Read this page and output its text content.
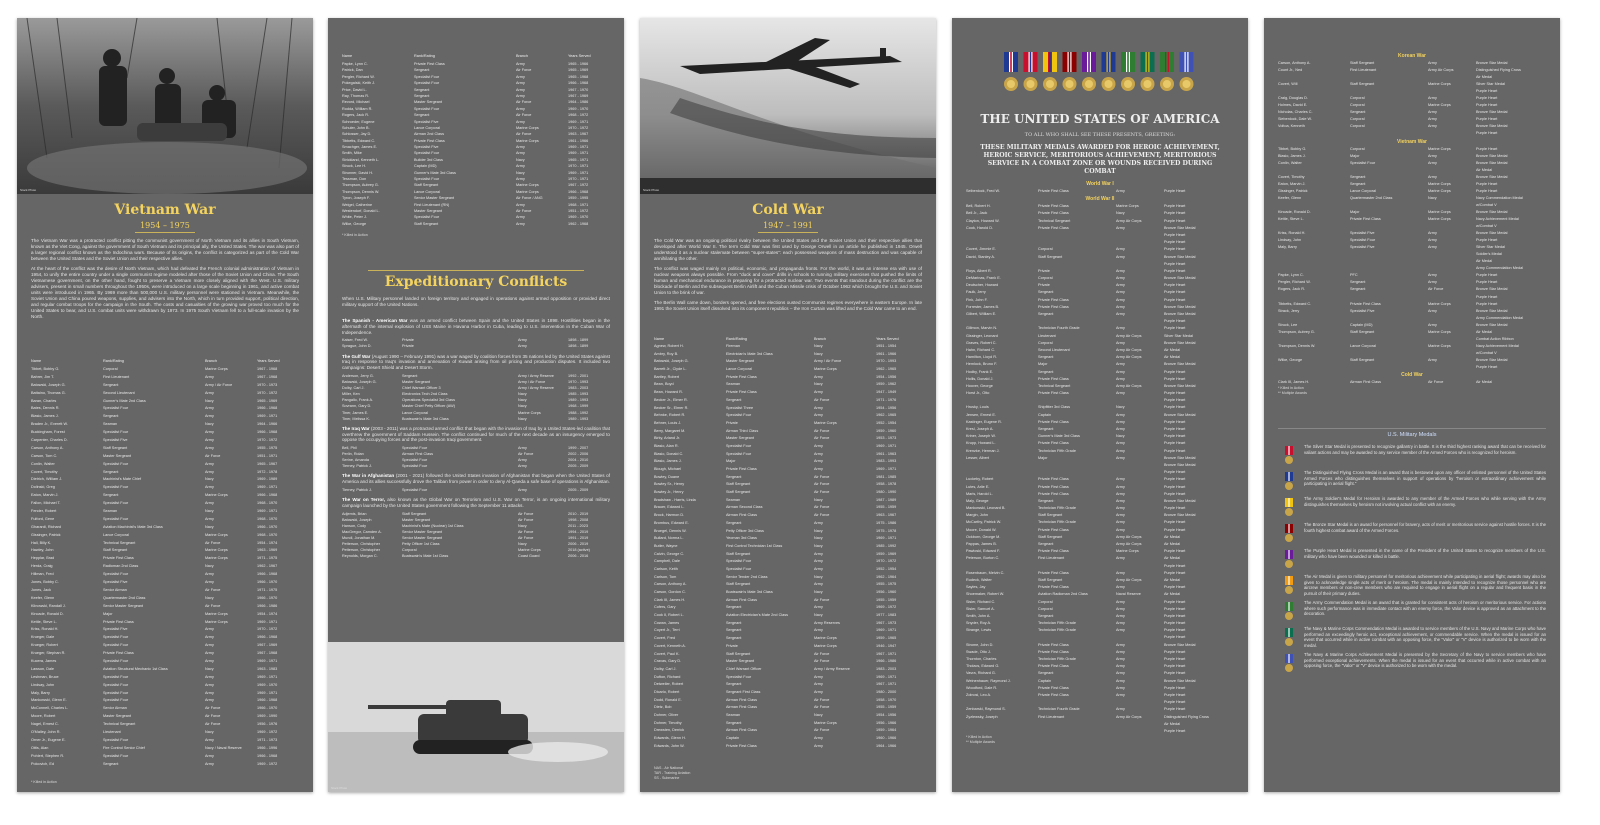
Stock Photo
Vietnam War
1954 – 1975

The Vietnam War was a protracted conflict pitting the communist government of North Vietnam and its allies in South Vietnam, known as the Viet Cong, against the government of South Vietnam and its principal ally, the United States. The war was also part of a larger regional conflict known as the Indochina wars. Because of its origins, the conflict is categorized as part of the Cold War between the United States and the Soviet Union and their respective allies.

At the heart of the conflict was the desire of North Vietnam, which had defeated the French colonial administration of Vietnam in 1954, to unify the entire country under a single communist regime modeled after those of the Soviet Union and China. The South Vietnamese government, on the other hand, fought to preserve a Vietnam more closely aligned with the West. U.S. military advisers, present in small numbers throughout the 1950s, were introduced on a large scale beginning in 1961, and active combat units were introduced in 1965. By 1969 more than 500,000 U.S. military personnel were stationed in Vietnam. Meanwhile, the Soviet Union and China poured weapons, supplies, and advisers into the North, which in turn provided support, political direction, and regular combat troops for the campaign in the South. The costs and casualties of the growing war proved too much for the United States to bear, and U.S. combat units were withdrawn by 1973. In 1975 South Vietnam fell to a full-scale invasion by the North.

Name	Rank/Rating	Branch	Years Served
Tibbet, Bobby G.	Corporal	Marine Corps	1967 - 1968
Bahrer, Jim T.	First Lieutenant	Army	1967 - 1968
Batowski, Joseph G.	Sergeant	Army / Air Force	1970 - 1973
Battaino, Thomas G.	Second Lieutenant	Army	1970 - 1972
Baran, Charles	Gunner's Mate 2nd Class	Navy	1965 - 1969
Bates, Dennis R.	Specialist Four	Army	1966 - 1968
Blasio, James J.	Sergeant	Army	1969 - 1971
Braden Jr., Everett W.	Seaman	Navy	1964 - 1966
Buckingham, Forest	Specialist Four	Army	1966 - 1968
Carpenter, Charles D.	Specialist Five	Army	1970 - 1972
Carson, Anthony A.	Staff Sergeant	Army	1955 - 1975
Carson, Tom C.	Master Sergeant	Air Force	1951 - 1971
Conlin, Walter	Specialist Four	Army	1965 - 1967
Covert, Timothy	Sergeant	Army	1972 - 1978
Dietrich, William J.	Machinist's Mate Chief	Navy	1969 - 1989
Dolinski, Greg	Specialist Four	Army	1969 - 1971
Eaton, Marvin J.	Sergeant	Marine Corps	1966 - 1968
Fallon, Michael T.	Specialist Four	Army	1968 - 1970
Fender, Robert	Seaman	Navy	1969 - 1971
Fulford, Gene	Specialist Four	Army	1968 - 1970
Gharardi, Richard	Aviation Machinist's Mate 3rd Class	Navy	1966 - 1970
Gissinger, Patrick	Lance Corporal	Marine Corps	1968 - 1970
Hall, Billy K.	Technical Sergeant	Air Force	1954 - 1974
Hawley, John	Staff Sergeant	Marine Corps	1963 - 1969
Hepplar, Brad	Private First Class	Marine Corps	1971 - 1975
Herda, Craig	Radioman 2nd Class	Navy	1962 - 1967
Hillman, Fred	Specialist Four	Army	1966 - 1968
Jones, Bobby C.	Specialist Five	Army	1966 - 1970
Jones, Jack	Senior Airman	Air Force	1971 - 1975
Keefer, Glenn	Quartermaster 2nd Class	Navy	1966 - 1970
Klinowski, Randall J.	Senior Master Sergeant	Air Force	1966 - 1986
Kincade, Ronald D.	Major	Marine Corps	1954 - 1974
Kettle, Steve L.	Private First Class	Marine Corps	1969 - 1971
Kriss, Ronald H.	Specialist Five	Army	1970 - 1972
Krueger, Dale	Specialist Four	Army	1966 - 1968
Krueger, Robert	Specialist Four	Army	1967 - 1969
Krueger, Stephan R.	Private First Class	Army	1967 - 1968
Kucera, James	Specialist Four	Army	1969 - 1971
Lawson, Dale	Aviation Structural Mechanic 1st Class	Navy	1963 - 1983
Leshman, Bruce	Specialist Four	Army	1969 - 1971
Lindsay, John	Specialist Four	Army	1969 - 1970
Maly, Barry	Specialist Four	Army	1969 - 1971
Mankowski, Glenn E.	Specialist Four	Army	1966 - 1968
McConnell, Charles L.	Senior Airman	Air Force	1966 - 1970
Moore, Robert	Master Sergeant	Air Force	1969 - 1990
Nagel, Ernest C.	Technical Sergeant	Air Force	1956 - 1976
O'Malley, John R.	Lieutenant	Navy	1969 - 1972
Orner Jr., Eugene E.	Specialist Four	Army	1971 - 1973
Ottis, Alan	Fire Control Senior Chief	Navy / Naval Reserve	1966 - 1996
Pohlert, Stephen R.	Specialist Four	Army	1966 - 1968
Polcovich, Ed	Sergeant	Army	1969 - 1972
* Killed in Action
Name	Rank/Rating	Branch	Years Served
Papke, Lynn C.	Private First Class	Army	1965 - 1966
Patrick, Dan	Sergeant	Air Force	1965 - 1969
Pergler, Richard W.	Specialist Four	Army	1965 - 1968
Pokegalski, Keith J.	Specialist Four	Army	1966 - 1968
Price, David L.	Sergeant	Army	1967 - 1970
Ray, Thomas R.	Sergeant	Army	1967 - 1969
Revord, Michael	Master Sergeant	Air Force	1964 - 1986
Rodda, William R.	Specialist Four	Army	1969 - 1970
Rogers, Jack R.	Sergeant	Air Force	1968 - 1972
Schroeder, Eugene	Specialist Five	Army	1969 - 1971
Schuler, John B.	Lance Corporal	Marine Corps	1970 - 1972
Schlosser, Jay D.	Airman 2nd Class	Air Force	1963 - 1967
Tibbetts, Edward C.	Private First Class	Marine Corps	1961 - 1966
Smachger, James E.	Specialist Five	Army	1969 - 1971
Smith, Mike	Specialist Four	Army	1969 - 1971
Strickland, Kenneth L.	Builder 3rd Class	Navy	1965 - 1971
Struck, Lee H.	Captain (MD)	Army	1970 - 1971
Strunner, David H.	Gunner's Mate 3rd Class	Navy	1969 - 1971
Tessman, Don	Specialist Four	Army	1970 - 1971
Thompson, Aubrey G.	Staff Sergeant	Marine Corps	1967 - 1972
Thompson, Dennis W.	Lance Corporal	Marine Corps	1966 - 1968
Tyron, Joseph F.	Senior Master Sergeant	Air Force / ANG	1959 - 1995
Weigel, Catherine	First Lieutenant (RN)	Army	1968 - 1971
Westendorf, Donald L.	Master Sergeant	Air Force	1951 - 1972
White, Peter J.	Specialist Four	Army	1969 - 1970
Wilke, George	Staff Sergeant	Army	1962 - 1968
* Killed in Action
Expeditionary Conflicts
When U.S. Military personnel landed on foreign territory and engaged in operations against armed opposition or provided direct military support of the United Nations.
The Spanish - American War was an armed conflict between Spain and the United States in 1898. Hostilities began in the aftermath of the internal explosion of USS Maine in Havana Harbor in Cuba, leading to U.S. intervention in the Cuban War of Independence.
Kaiser, Fred W.	Private	Army	1898 - 1899
Sprague, John D.	Private	Army	1898 - 1899
The Gulf War (August 1990 – February 1991) was a war waged by coalition forces from 35 nations led by the United States against Iraq in response to Iraq's invasion and annexation of Kuwait arising from oil pricing and production disputes. It included two campaigns: Desert Shield and Desert Storm.
Anderson, Jerry G.	Sergeant	Army / Army Reserve	1992 - 2001
Batowski, Joseph G.	Master Sergeant	Army / Air Force	1970 - 1993
Dolby, Carl J.	Chief Warrant Officer 3	Army / Army Reserve	1983 - 2003
Miller, Ken	Electronics Tech 2nd Class	Navy	1985 - 1993
Pangallo, Frank A.	Operations Specialist 3rd Class	Navy	1989 - 1993
Sovrann, Gary D.	Master Chief Petty Officer (AW)	Navy	1968 - 1999
Tiner, James E.	Lance Corporal	Marine Corps	1988 - 1992
Tiner, Melissa K.	Boatswain's Mate 3rd Class	Navy	1989 - 1993
The Iraq War (2003 - 2011) was a protracted armed conflict that began with the invasion of Iraq by a United States-led coalition that overthrew the government of Saddam Hussein. The conflict continued for much of the next decade as an insurgency emerged to oppose the occupying forces and the post-invasion Iraqi government.
Bell, Phil	Specialist Four	Army	1999 - 2007
Perlin, Rolan	Airman First Class	Air Force	2002 - 2006
Serine, Amanda	Specialist Four	Army	2004 - 2010
Tierney, Patrick J.	Specialist Four	Army	2005 - 2009
The War in Afghanistan (2001 - 2021) followed the United States invasion of Afghanistan that began when the United States of America and its allies successfully drove the Taliban from power in order to deny Al-Qaeda a safe base of operations in Afghanistan.
Tierney, Patrick J.	Specialist Four	Army	2005 - 2009
The War on Terror, also known as the Global War on Terrorism and U.S. War on Terror, is an ongoing international military campaign launched by the United States government following the September 11 attacks.
Adjemis, Brian	Staff Sergeant	Air Force	2010 - 2019
Batowski, Joseph	Master Sergeant	Air Force	1998 - 2008
Hanson, Cody	Machinist's Mate (Nuclear) 1st Class	Navy	2011 - 2023
MacGregor, Camden A.	Senior Master Sergeant	Air Force	1994 - 2019
Mundl, Jonathan M.	Senior Master Sergeant	Air Force	1991 - 2019
Petterson, Christopher	Petty Officer 1st Class	Navy	2006 - 2019
Petterson, Christopher	Corporal	Marine Corps	2018 (active)
Reynolds, Morgan C.	Boatswain's Mate 1st Class	Coast Guard	2006 - 2016
Stock Photo
Stock Photo
Cold War
1947 – 1991

The Cold War was an ongoing political rivalry between the United States and the Soviet Union and their respective allies that developed after World War II. The term Cold War was first used by George Orwell in an article he published in 1945. Orwell understood it as a nuclear stalemate between "super-states": each possessed weapons of mass destruction and was capable of annihilating the other.

The conflict was waged mainly on political, economic, and propaganda fronts. For the world, it was an intense era with use of nuclear weapons always possible. From "duck and cover" drills in schools to running military exercises that pushed the limits of human and mechanical endurance in preparing for a protracted nuclear war. Two events that standout during the conflict are the blockade of Berlin and the subsequent Berlin Airlift and the Cuban Missile crisis of October 1962 which brought the U.S. and Soviet Union to the brink of war.

The Berlin Wall came down, borders opened, and free elections ousted Communist regimes everywhere in eastern Europe. In late 1991 the Soviet Union itself dissolved into its component republics – the Iron Curtain was lifted and the Cold War came to an end.

Name	Rank/Rating	Branch	Years Served
Agnew, Robert H.	Fireman	Navy	1951 - 1954
Ambry, Roy B.	Electrician's Mate 3rd Class	Navy	1961 - 1966
Batowski, Joseph G.	Master Sergeant	Army / Air Force	1970 - 1993
Barrett Jr., Clyde L.	Lance Corporal	Marine Corps	1962 - 1965
Bartley, Robert	Private First Class	Army	1954 - 1956
Bean, Boyd	Seaman	Navy	1959 - 1962
Bean, Howard R.	Private First Class	Army	1947 - 1949
Becker Jr., Elmer R.	Sergeant	Air Force	1971 - 1976
Becker Sr., Elmer R.	Specialist Three	Army	1954 - 1956
Behnke, Robert R.	Specialist Four	Army	1962 - 1965
Behner, Louis J.	Private	Marine Corps	1952 - 1954
Berry, Margaret M.	Airman Third Class	Air Force	1959 - 1960
Birky, Arland Jr.	Master Sergeant	Air Force	1953 - 1973
Blasio, Alan R.	Specialist Four	Army	1969 - 1971
Blasio, Donald C.	Specialist Four	Army	1961 - 1963
Blasio, James J.	Major	Army	1983 - 1993
Blough, Michael	Private First Class	Army	1969 - 1971
Bowley, Duane	Sergeant	Air Force	1981 - 1985
Bowley Sr., Henry	Staff Sergeant	Air Force	1958 - 1978
Bowley Jr., Henry	Staff Sergeant	Air Force	1980 - 1990
Bradshaw - Harris, Linda	Seaman	Navy	1987 - 1989
Brauer, Edward L.	Airman Second Class	Air Force	1955 - 1959
Brock, Harmon D.	Airman First Class	Air Force	1963 - 1967
Brombus, Edward E.	Sergeant	Army	1975 - 1986
Bruegel, Dennis W.	Petty Officer 3rd Class	Navy	1975 - 1978
Bullard, Norma L.	Yeoman 3rd Class	Navy	1969 - 1971
Butler, Wayne	First Control Technician 1st Class	Navy	1985 - 1992
Calvin, George C.	Staff Sergeant	Army	1959 - 1969
Campbell, Dale	Specialist Four	Army	1970 - 1972
Carlson, Keith	Specialist Four	Army	1952 - 1954
Carlson, Tom	Senior Tender 2nd Class	Navy	1962 - 1964
Carson, Anthony A.	Staff Sergeant	Army	1955 - 1975
Carson, Gordon C.	Boatswain's Mate 3rd Class	Navy	1956 - 1960
Clark III, James H.	Airman First Class	Air Force	1955 - 1959
Cofers, Gary	Sergeant	Army	1969 - 1972
Cook II, Robert L.	Aviation Electrician's Mate 2nd Class	Navy	1977 - 1983
Cowan, James	Sergeant	Army Reserves	1967 - 1973
Coyert Jr., Terri	Sergeant	Army	1969 - 1971
Covert, Fred	Sergeant	Marine Corps	1959 - 1965
Covert, Kenneth A.	Private	Marine Corps	1946 - 1947
Covert, Paul K.	Staff Sergeant	Air Force	1967 - 1971
Cravas, Gary D.	Master Sergeant	Air Force	1966 - 1986
Dolby, Carl J.	Chief Warrant Officer	Army / Army Reserve	1983 - 2003
Dufton, Richard	Specialist Four	Army	1969 - 1971
Detweiler, Robert	Sergeant	Army	1967 - 1971
Dicarlo, Robert	Sergeant First Class	Army	1980 - 2000
Dodd, Ronald E.	Airman First Class	Air Force	1958 - 1970
Dietz, Bob	Airman First Class	Air Force	1955 - 1959
Dohner, Oliver	Seaman	Navy	1954 - 1956
Dohner, Timothy	Sergeant	Marine Corps	1956 - 1966
Drewsten, Derrick	Airman First Class	Air Force	1959 - 1964
Edwards, Glenn H.	Captain	Army	1960 - 1966
Edwards, John W.	Private First Class	Army	1964 - 1966
NAS - Air National
TAR - Training Aviation
SS - Submarine
THE UNITED STATES OF AMERICA
TO ALL WHO SHALL SEE THESE PRESENTS, GREETING:
THESE MILITARY MEDALS AWARDED FOR HEROIC ACHIEVEMENT, HEROIC SERVICE, MERITORIOUS ACHIEVEMENT, MERITORIOUS SERVICE IN A COMBAT ZONE OR WOUNDS RECEIVED DURING COMBAT
World War I
Seibenlock, Fred W.	Private First Class	Army	Purple Heart
World War II
Bell, Robert H.	Private First Class	Marine Corps	Purple Heart
Bell Jr., Jack	Private First Class	Navy	Purple Heart
Clayton, Howard W.	Technical Sergeant	Army Air Corps	Purple Heart
Cook, Harold D.	Private First Class	Army	Bronze Star Medal
Purple Heart
Purple Heart
Covert, Jimmie E.	Corporal	Army	Purple Heart
David, Stanley A.	Staff Sergeant	Army	Bronze Star Medal
Purple Heart
Floys, Albert R.	Private	Army	Purple Heart
DeMarinas, Frank E.	Corporal	Army	Bronze Star Medal
Deutscher, Howard	Private	Army	Purple Heart
Faulk, Jerry	Sergeant	Army	Purple Heart
Fink, John F.	Private First Class	Army	Purple Heart
Forrester, James B.	Private First Class	Army	Bronze Star Medal
Gilbert, William E.	Sergeant	Army	Bronze Star Medal
Purple Heart
Gillmon, Marvin N.	Technician Fourth Grade	Army	Purple Heart
Gissinger, Leonard	Lieutenant	Army Air Corps	Silver Star Medal
Graves, Robert C.	Corporal	Army	Bronze Star Medal
Hahn, Richard C.	Second Lieutenant	Army Air Corps	Air Medal
Hamilton, Lloyd R.	Sergeant	Army Air Corps	Air Medal
Hemlock, Bruno F.	Major	Army	Bronze Star Medal
Hodby, Frank E.	Sergeant	Army	Purple Heart
Hollis, Donald J.	Private First Class	Army	Purple Heart
Hoover, George	Technical Sergeant	Army Air Corps	Bronze Star Medal
Horst Jr., Otto	Private First Class	Army	Purple Heart
Purple Heart
Hrusky, Louis	Shipfitter 3rd Class	Navy	Purple Heart
Jensen, Ernest E.	Captain	Army	Bronze Star Medal
Kastinger, Eugene R.	Private First Class	Army	Purple Heart
Kresl, Joseph A.	Sergeant	Army	Purple Heart
Kriner, Joseph W.	Gunner's Mate 3rd Class	Navy	Purple Heart
Krupp, Howard L.	Private First Class	Army	Purple Heart
Krenzke, Herman J.	Technician Fifth Grade	Army	Purple Heart
Lesser, Albert	Major	Army	Bronze Star Medal
Bronze Star Medal
Purple Heart
Luckeby, Robert	Private First Class	Army	Purple Heart
Lutes, Arlie E.	Private First Class	Army	Purple Heart
Maris, Harold L.	Private First Class	Army	Purple Heart
Maly, George	Sergeant	Army	Bronze Star Medal
Mankowski, Leonard B.	Technician Fifth Grade	Army	Purple Heart
Margin, John	Staff Sergeant	Army	Bronze Star Medal
McCarthy, Patrick W.	Technician Fifth Grade	Army	Purple Heart
Moore, Donald W.	Private First Class	Army	Purple Heart
Ockborn, George M.	Staff Sergeant	Army Air Corps	Air Medal
Pappas, James B.	Sergeant	Army Air Corps	Air Medal
Pawloski, Edward F.	Private First Class	Marine Corps	Purple Heart
Peterson, Burton C.	First Lieutenant	Army	Air Medal
Purple Heart
Rosenbaum, Melvin C.	Private First Class	Army	Purple Heart
Rudeck, Walter	Staff Sergeant	Army Air Corps	Air Medal
Sayles, Jay	Private First Class	Army	Purple Heart
Shoemaker, Robert W.	Aviation Radioman 2nd Class	Naval Reserve	Air Medal
Sisler, Richard C.	Corporal	Army	Purple Heart
Sisler, Samuel A.	Corporal	Army	Purple Heart
Smith, John A.	Sergeant	Army	Purple Heart
Snyder, Roy A.	Technician Fifth Grade	Army	Purple Heart
Strange, Lewis	Technician Fifth Grade	Army	Purple Heart
Purple Heart
Strome, John D.	Private First Class	Army	Bronze Star Medal
Swade, Otto J.	Private First Class	Army	Purple Heart
Thornton, Charles	Technician Fifth Grade	Army	Purple Heart
Tholacs, Edward G.	Private First Class	Army	Purple Heart
Vavra, Richard G.	Sergeant	Army	Purple Heart
Weinenhauer, Raymond J.	Captain	Army	Bronze Star Medal
Woodford, Dale R.	Private First Class	Army	Purple Heart
Zolnosi, Leo A.	Private First Class	Army	Purple Heart
Purple Heart
Zenbarski, Raymond S.	Technician Fourth Grade	Army	Purple Heart
Zyzlewsky, Joseph	First Lieutenant	Army Air Corps	Distinguished Flying Cross
Air Medal
Purple Heart
* Killed in Action
** Multiple Awards
Korean War
Carson, Anthony A.	Staff Sergeant	Army	Bronze Star Medal
Count Jr., Ned	First Lieutenant	Army Air Corps	Distinguished Flying Cross
Air Medal
Covert, Will	Staff Sergeant	Marine Corps	Silver Star Medal
Purple Heart
Craig, Douglas D.	Corporal	Army	Purple Heart
Holmes, David E.	Corporal	Marine Corps	Purple Heart
Nicholas, Charles C.	Sergeant	Army	Bronze Star Medal
Siebenlock, Dale W.	Corporal	Army	Purple Heart
Voltoa, Kenneth	Corporal	Army	Bronze Star Medal
Purple Heart
Vietnam War
Tibbet, Bobby G.	Corporal	Marine Corps	Purple Heart
Blasio, James J.	Major	Army	Bronze Star Medal
Conlin, Walter	Specialist Four	Army	Bronze Star Medal
Air Medal
Covert, Timothy	Sergeant	Army	Bronze Star Medal
Eaton, Marvin J.	Sergeant	Marine Corps	Purple Heart
Gissinger, Patrick	Lance Corporal	Marine Corps	Purple Heart
Keefer, Glenn	Quartermaster 2nd Class	Navy	Navy Commendation Medal
w/Combat V
Kincade, Ronald D.	Major	Marine Corps	Bronze Star Medal
Kettle, Steve L.	Private First Class	Marine Corps	Navy Achievement Medal
w/Combat V
Kriss, Ronald H.	Specialist Five	Army	Bronze Star Medal
Lindsay, John	Specialist Four	Army	Purple Heart
Maly, Barry	Specialist Five	Army	Silver Star Medal
Soldier's Medal
Air Medal
Army Commendation Medal
Papke, Lynn C.	PFC	Army	Purple Heart
Pergler, Richard W.	Sergeant	Army	Purple Heart
Rogers, Jack R.	Sergeant	Air Force	Bronze Star Medal
Purple Heart
Tibbetts, Edward C.	Private First Class	Marine Corps	Purple Heart
Strack, Jerry	Specialist Five	Army	Bronze Star Medal
Army Commendation Medal
Struck, Lee	Captain (MD)	Army	Bronze Star Medal
Thompson, Aubrey G.	Staff Sergeant	Marine Corps	Air Medal
Combat Action Ribbon
Thompson, Dennis W.	Lance Corporal	Marine Corps	Navy Achievement Medal
w/Combat V
Wilke, George	Staff Sergeant	Army	Bronze Star Medal
Purple Heart
Cold War
Clark III, James H.	Airman First Class	Air Force	Air Medal
* Killed in Action
** Multiple Awards
U.S. Military Medals
The Silver Star Medal is presented to recognize gallantry in battle. It is the third highest ranking award that can be received for valiant actions and may be awarded to any service member of the Armed Forces who is recognized for heroism.
The Distinguished Flying Cross Medal is an award that is bestowed upon any officer of enlisted personnel of the United States Armed Forces who distinguishes themselves in support of operations by "heroism or extraordinary achievement while participating in aerial flight."
The Army Soldier's Medal for Heroism is awarded to any member of the Armed Forces who while serving with the Army distinguishes themselves by heroism not involving actual conflict with an enemy.
The Bronze Star Medal is an award for personnel for bravery, acts of merit or meritorious service against hostile forces. It is the fourth highest combat award of the Armed Forces.
The Purple Heart Medal is presented in the name of the President of the United States to recognize members of the U.S. military who have been wounded or killed in battle.
The Air Medal is given to military personnel for meritorious achievement while participating in aerial flight; awards may also be given to acknowledge single acts of merit or heroism. The medal is mainly intended to recognize those personnel who are aircrew members or non-crew members who are required to engage in aerial flight on a regular and frequent basis in the pursuit of their primary duties.
The Army Commendation Medal is an award that is granted for consistent acts of heroism or meritorious service. For actions where such performance was in immediate contact with an enemy force, the Valor device is approved as an attachment to the decoration.
The Navy & Marine Corps Commendation Medal is awarded to service members of the U.S. Navy and Marine Corps who have performed an exceedingly heroic act, exceptional achievement, or commendable service. When the medal is issued for an event that occurred while in active combat with an opposing force, the "Valor" or "V" device is authorized to be worn with the medal.
The Navy & Marine Corps Achievement Medal is presented by the Secretary of the Navy to service members who have performed exceptional achievements. When the medal is issued for an event that occurred while in active combat with an opposing force, the "Valor" or "V" device is authorized to be worn with the medal.
